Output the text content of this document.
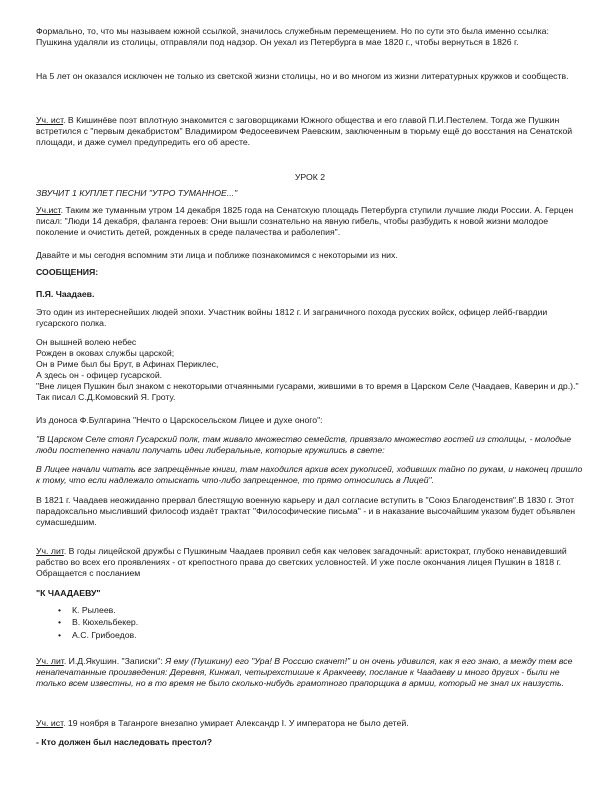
Формально, то, что мы называем южной ссылкой, значилось служебным перемещением. Но по сути это была именно ссылка: Пушкина удаляли из столицы, отправляли под надзор. Он уехал из Петербурга в мае 1820 г., чтобы вернуться в 1826 г.

На 5 лет он оказался исключен не только из светской жизни столицы, но и во многом из жизни литературных кружков и сообществ.

Уч. ист. В Кишинёве поэт вплотную знакомится с заговорщиками Южного общества и его главой П.И.Пестелем. Тогда же Пушкин встретился с "первым декабристом" Владимиром Федосеевичем Раевским, заключенным в тюрьму ещё до восстания на Сенатской площади, и даже сумел предупредить его об аресте.

УРОК 2

ЗВУЧИТ 1 КУПЛЕТ ПЕСНИ "УТРО ТУМАННОЕ..."

Уч.ист. Таким же туманным утром 14 декабря 1825 года на Сенатскую площадь Петербурга ступили лучшие люди России. А. Герцен писал: "Люди 14 декабря, фаланга героев: Они вышли сознательно на явную гибель, чтобы разбудить к новой жизни молодое поколение и очистить детей, рожденных в среде палачества и раболепия".

Давайте и мы сегодня вспомним эти лица и поближе познакомимся с некоторыми из них.

СООБЩЕНИЯ:

П.Я. Чаадаев.

Это один из интереснейших людей эпохи. Участник войны 1812 г. И заграничного похода русских войск, офицер лейб-гвардии гусарского полка.

Он вышней волею небес
Рожден в оковах службы царской;
Он в Риме был бы Брут, в Афинах Периклес,
А здесь он - офицер гусарской.

"Вне лицея Пушкин был знаком с некоторыми отчаянными гусарами, жившими в то время в Царском Селе (Чаадаев, Каверин и др.)." Так писал С.Д.Комовский Я. Гроту.

Из доноса Ф.Булгарина "Нечто о Царскосельском Лицее и духе оного":

"В Царском Селе стоял Гусарский полк, там живало множество семейств, привязало множество гостей из столицы, - молодые люди постепенно начали получать идеи либеральные, которые кружились в свете:

В Лицее начали читать все запрещённые книги, там находился архив всех рукописей, ходивших тайно по рукам, и наконец пришло к тому, что если надлежало отыскать что-либо запрещенное, то прямо относились в Лицей".

В 1821 г. Чаадаев неожиданно прервал блестящую военную карьеру и дал согласие вступить в "Союз Благоденствия".В 1830 г. Этот парадоксально мысливший философ издаёт трактат "Философические письма" - и в наказание высочайшим указом будет объявлен сумасшедшим.

Уч. лит. В годы лицейской дружбы с Пушкиным Чаадаев проявил себя как человек загадочный: аристократ, глубоко ненавидевший рабство во всех его проявлениях - от крепостного права до светских условностей. И уже после окончания лицея Пушкин в 1818 г. Обращается с посланием

"К ЧААДАЕВУ"

• К. Рылеев.
• В. Кюхельбекер.
• А.С. Грибоедов.

Уч. лит. И.Д.Якушин. "Записки": Я ему (Пушкину) его "Ура! В Россию скачет!" и он очень удивился, как я его знаю, а между тем все ненапечатанные произведения: Деревня, Кинжал, четырехстишие к Аракчееву, послание к Чаадаеву и много других - были не только всем известны, но в то время не было сколько-нибудь грамотного прапорщика в армии, который не знал их наизусть.

Уч. ист. 19 ноября в Таганроге внезапно умирает Александр I. У императора не было детей.

- Кто должен был наследовать престол?
